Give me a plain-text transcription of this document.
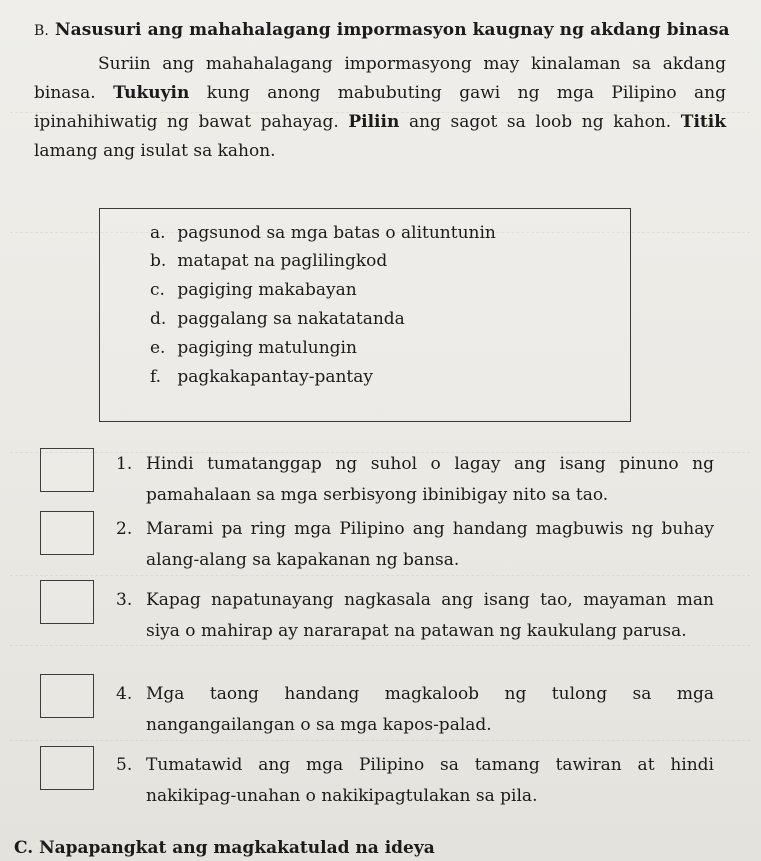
B. Nasusuri ang mahahalagang impormasyon kaugnay ng akdang binasa
Suriin ang mahahalagang impormasyong may kinalaman sa akdang binasa. Tukuyin kung anong mabubuting gawi ng mga Pilipino ang ipinahihiwatig ng bawat pahayag. Piliin ang sagot sa loob ng kahon. Titik lamang ang isulat sa kahon.
a. pagsunod sa mga batas o alituntunin
b. matapat na paglilingkod
c. pagiging makabayan
d. paggalang sa nakatatanda
e. pagiging matulungin
f. pagkakapantay-pantay
1. Hindi tumatanggap ng suhol o lagay ang isang pinuno ng pamahalaan sa mga serbisyong ibinibigay nito sa tao.
2. Marami pa ring mga Pilipino ang handang magbuwis ng buhay alang-alang sa kapakanan ng bansa.
3. Kapag napatunayang nagkasala ang isang tao, mayaman man siya o mahirap ay nararapat na patawan ng kaukulang parusa.
4. Mga taong handang magkaloob ng tulong sa mga nangangailangan o sa mga kapos-palad.
5. Tumatawid ang mga Pilipino sa tamang tawiran at hindi nakikipag-unahan o nakikipagtulakan sa pila.
C. Napapangkat ang magkakatulad na ideya
